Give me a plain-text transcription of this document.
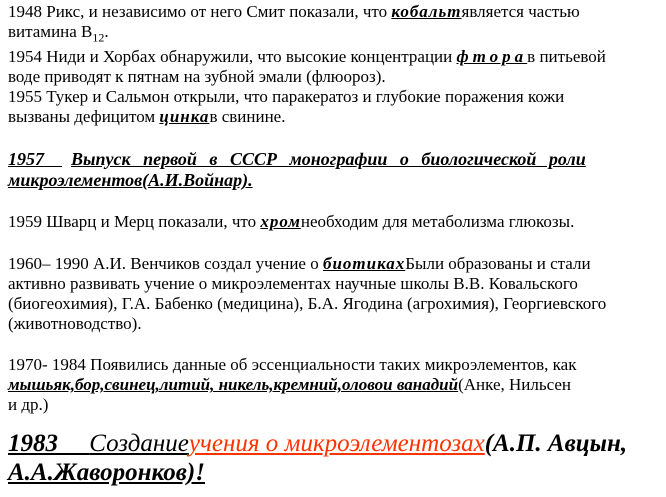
1948 Рикс, и независимо от него Смит показали, что кобальтявляется частью

витамина $В_{12}$.

1954 Ниди и Хорбах обнаружили, что высокие концентрации фторав питьевой

воде приводят к пятнам на зубной эмали (флюороз).

1955 Тукер и Сальмон открыли, что паракератоз и глубокие поражения кожи

вызваны дефицитом цинкав свинине.

1957 Выпуск первой в СССР монографии о биологической роли

микроэлементов(А.И.Войнар).

1959 Шварц и Мерц показали, что хромнеобходим для метаболизма глюкозы.

1960– 1990 А.И. Венчиков создал учение о биотикахБыли образованы и стали

активно развивать учение о микроэлементах научные школы В.В. Ковальского

(биогеохимия), Г.А. Бабенко (медицина), Б.А. Ягодина (агрохимия), Георгиевского

(животноводство).

1970- 1984 Появились данные об эссенциальности таких микроэлементов, как

мышьяк,бор,свинец,литий, никель,кремний,оловои ванадий(Анке, Нильсен

и др.)

1983 Созданиеучения о микроэлементозах(А.П. Авцын,

А.А.Жаворонков)!
